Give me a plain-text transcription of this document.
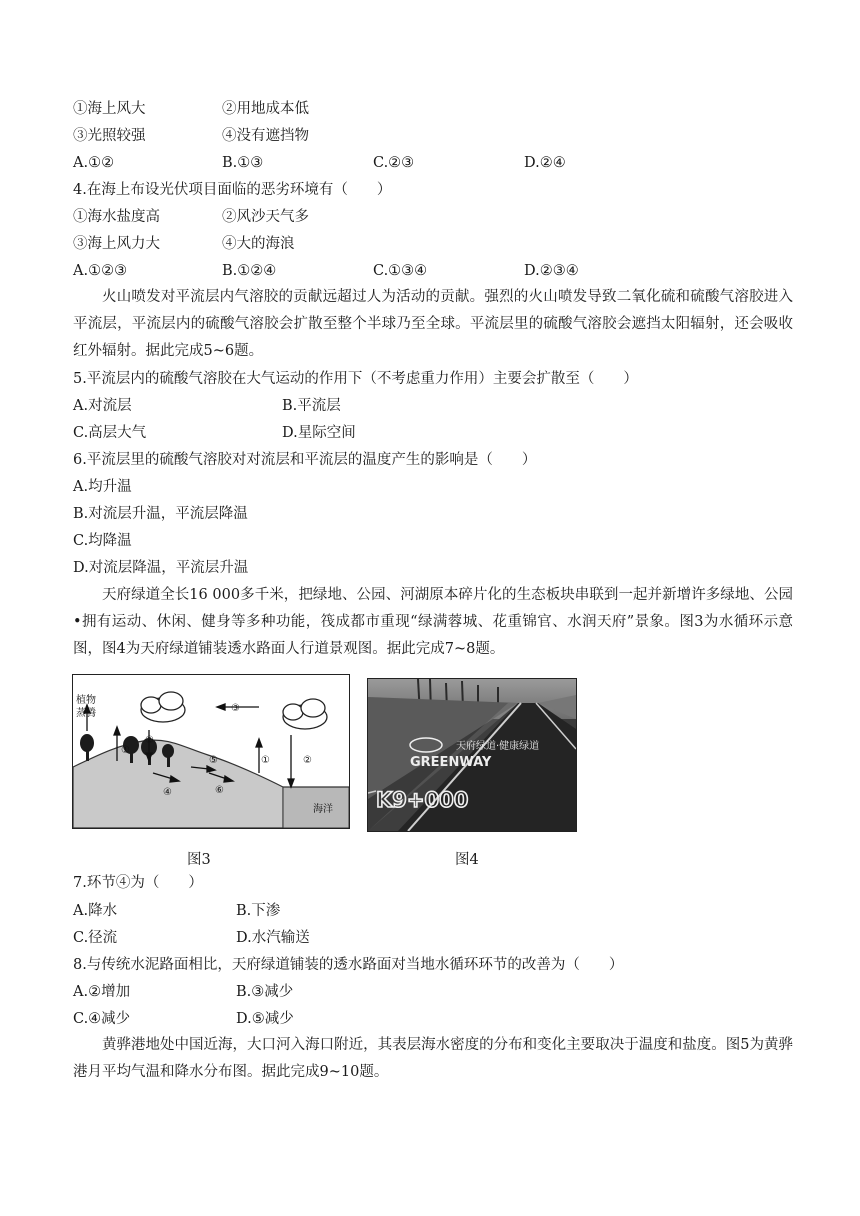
①海上风大	②用地成本低
③光照较强	④没有遮挡物
A.①②	B.①③	C.②③	D.②④
4.在海上布设光伏项目面临的恶劣环境有（　　）
①海水盐度高	②风沙天气多
③海上风力大	④大的海浪
A.①②③	B.①②④	C.①③④	D.②③④
火山喷发对平流层内气溶胶的贡献远超过人为活动的贡献。强烈的火山喷发导致二氧化硫和硫酸气溶胶进入平流层，平流层内的硫酸气溶胶会扩散至整个半球乃至全球。平流层里的硫酸气溶胶会遮挡太阳辐射，还会吸收红外辐射。据此完成5~6题。
5.平流层内的硫酸气溶胶在大气运动的作用下（不考虑重力作用）主要会扩散至（　　）
A.对流层	B.平流层
C.高层大气	D.星际空间
6.平流层里的硫酸气溶胶对对流层和平流层的温度产生的影响是（　　）
A.均升温
B.对流层升温，平流层降温
C.均降温
D.对流层降温，平流层升温
天府绿道全长16 000多千米，把绿地、公园、河湖原本碎片化的生态板块串联到一起并新增许多绿地、公园•拥有运动、休闲、健身等多种功能，筏成都市重现“绿满蓉城、花重锦官、水润天府”景象。图3为水循环示意图，图4为天府绿道铺装透水路面人行道景观图。据此完成7~8题。
植物
蒸腾
①
②
③
④
⑤
⑥
①	②
海洋
天府绿道·健康绿道
GREENWAY
K9+000
图3	图4
7.环节④为（　　）
A.降水	B.下渗
C.径流	D.水汽输送
8.与传统水泥路面相比，天府绿道铺装的透水路面对当地水循环环节的改善为（　　）
A.②增加	B.③减少
C.④减少	D.⑤减少
黄骅港地处中国近海，大口河入海口附近，其表层海水密度的分布和变化主要取决于温度和盐度。图5为黄骅港月平均气温和降水分布图。据此完成9~10题。
